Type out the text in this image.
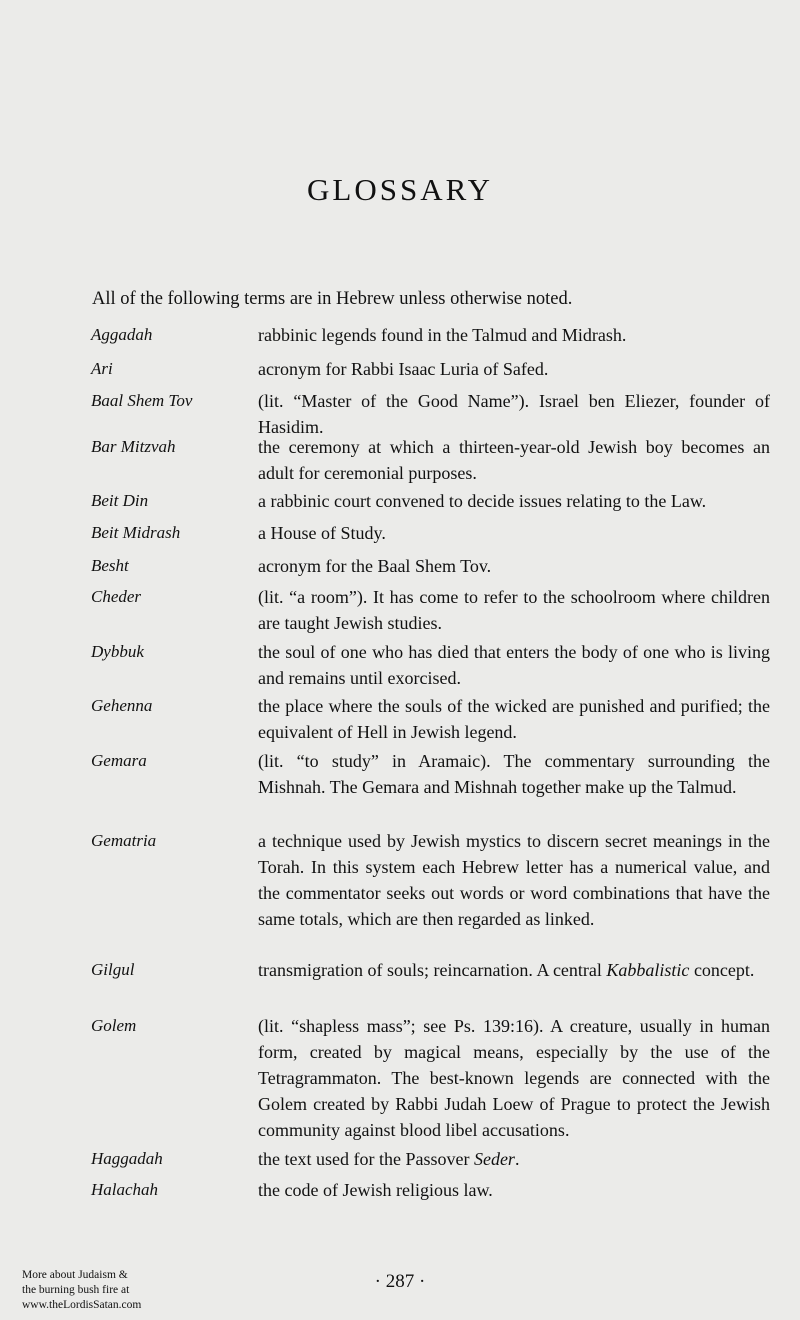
GLOSSARY
All of the following terms are in Hebrew unless otherwise noted.
Aggadah	rabbinic legends found in the Talmud and Midrash.
Ari	acronym for Rabbi Isaac Luria of Safed.
Baal Shem Tov	(lit. “Master of the Good Name”). Israel ben Eliezer, founder of Hasidim.
Bar Mitzvah	the ceremony at which a thirteen-year-old Jewish boy becomes an adult for ceremonial purposes.
Beit Din	a rabbinic court convened to decide issues relating to the Law.
Beit Midrash	a House of Study.
Besht	acronym for the Baal Shem Tov.
Cheder	(lit. “a room”). It has come to refer to the schoolroom where children are taught Jewish studies.
Dybbuk	the soul of one who has died that enters the body of one who is living and remains until exorcised.
Gehenna	the place where the souls of the wicked are punished and purified; the equivalent of Hell in Jewish legend.
Gemara	(lit. “to study” in Aramaic). The commentary surrounding the Mishnah. The Gemara and Mishnah together make up the Talmud.
Gematria	a technique used by Jewish mystics to discern secret meanings in the Torah. In this system each Hebrew letter has a numerical value, and the commentator seeks out words or word combinations that have the same totals, which are then regarded as linked.
Gilgul	transmigration of souls; reincarnation. A central Kabbalistic concept.
Golem	(lit. “shapless mass”; see Ps. 139:16). A creature, usually in human form, created by magical means, especially by the use of the Tetragrammaton. The best-known legends are connected with the Golem created by Rabbi Judah Loew of Prague to protect the Jewish community against blood libel accusations.
Haggadah	the text used for the Passover Seder.
Halachah	the code of Jewish religious law.
More about Judaism &
the burning bush fire at
www.theLordisSatan.com
· 287 ·
